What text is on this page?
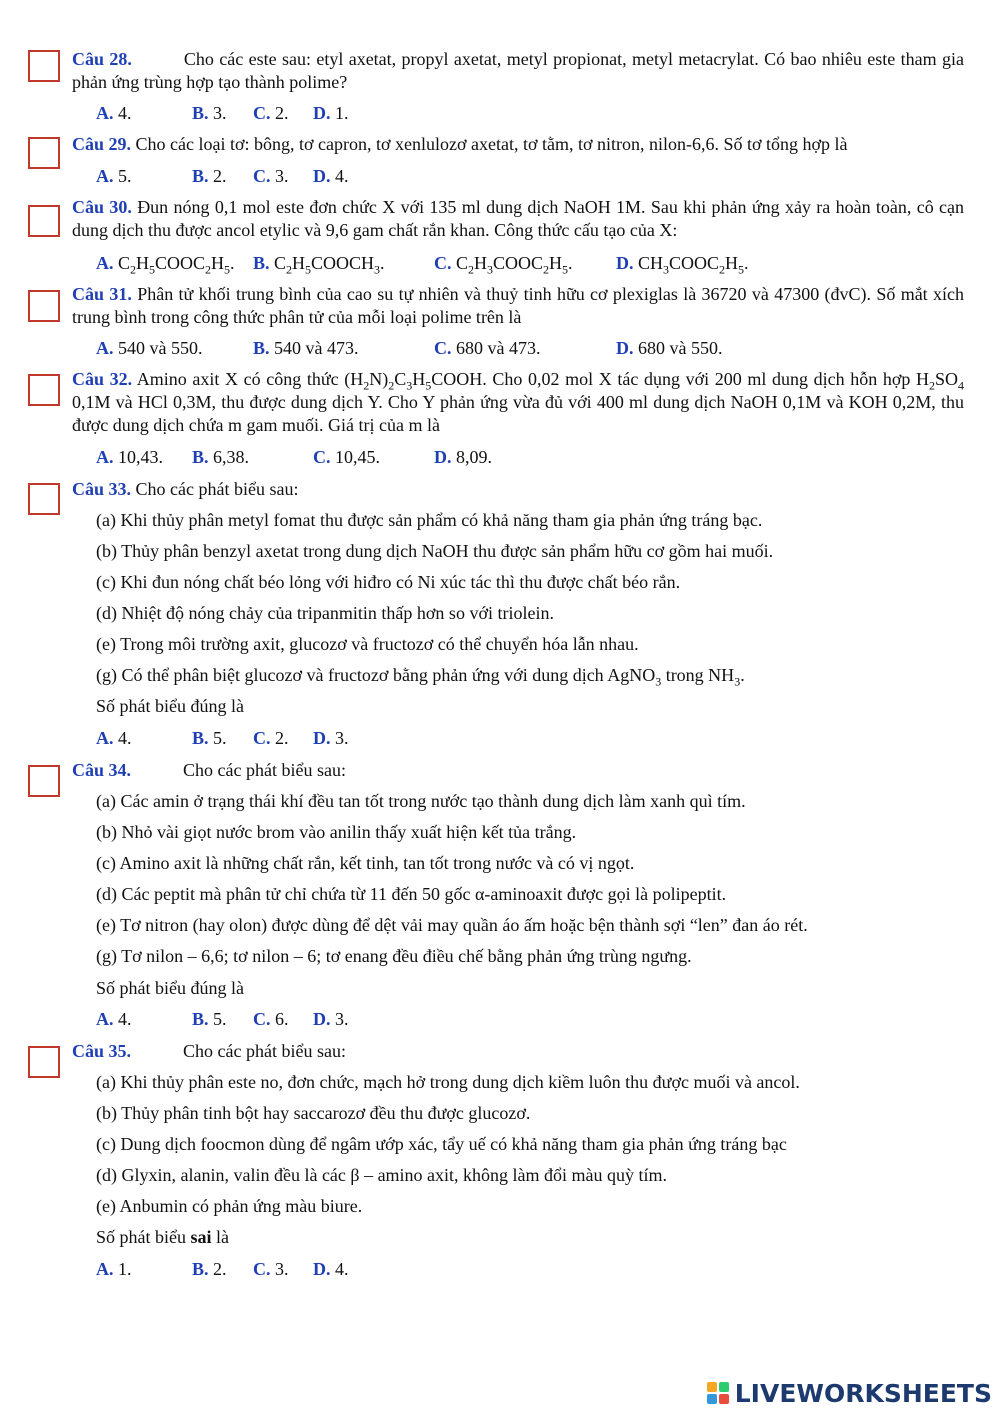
Câu 28.	Cho các este sau: etyl axetat, propyl axetat, metyl propionat, metyl metacrylat. Có bao nhiêu este tham gia phản ứng trùng hợp tạo thành polime?
A. 4.	B. 3. C. 2. D. 1.
Câu 29. Cho các loại tơ: bông, tơ capron, tơ xenlulozơ axetat, tơ tằm, tơ nitron, nilon-6,6. Số tơ tổng hợp là
A. 5.	B. 2. C. 3. D. 4.
Câu 30. Đun nóng 0,1 mol este đơn chức X với 135 ml dung dịch NaOH 1M. Sau khi phản ứng xảy ra hoàn toàn, cô cạn dung dịch thu được ancol etylic và 9,6 gam chất rắn khan. Công thức cấu tạo của X:
A. $C_2H_5COOC_2H_5$. B. $C_2H_5COOCH_3$.	C. $C_2H_3COOC_2H_5$. D. $CH_3COOC_2H_5$.
Câu 31. Phân tử khối trung bình của cao su tự nhiên và thuỷ tinh hữu cơ plexiglas là 36720 và 47300 (đvC). Số mắt xích trung bình trong công thức phân tử của mỗi loại polime trên là
A. 540 và 550.	B. 540 và 473.	C. 680 và 473.	D. 680 và 550.
Câu 32. Amino axit X có công thức $(H_2N)_2C_3H_5COOH$. Cho 0,02 mol X tác dụng với 200 ml dung dịch hỗn hợp $H_2SO_4$ 0,1M và HCl 0,3M, thu được dung dịch Y. Cho Y phản ứng vừa đủ với 400 ml dung dịch NaOH 0,1M và KOH 0,2M, thu được dung dịch chứa m gam muối. Giá trị của m là
A. 10,43. B. 6,38.	C. 10,45.	D. 8,09.
Câu 33. Cho các phát biểu sau:
(a) Khi thủy phân metyl fomat thu được sản phẩm có khả năng tham gia phản ứng tráng bạc.
(b) Thủy phân benzyl axetat trong dung dịch NaOH thu được sản phẩm hữu cơ gồm hai muối.
(c) Khi đun nóng chất béo lỏng với hiđro có Ni xúc tác thì thu được chất béo rắn.
(d) Nhiệt độ nóng chảy của tripanmitin thấp hơn so với triolein.
(e) Trong môi trường axit, glucozơ và fructozơ có thể chuyển hóa lẫn nhau.
(g) Có thể phân biệt glucozơ và fructozơ bằng phản ứng với dung dịch AgNO$_3$ trong $NH_3$.
Số phát biểu đúng là
A. 4.	B. 5. C. 2. D. 3.
Câu 34.	Cho các phát biểu sau:
(a) Các amin ở trạng thái khí đều tan tốt trong nước tạo thành dung dịch làm xanh quì tím.
(b) Nhỏ vài giọt nước brom vào anilin thấy xuất hiện kết tủa trắng.
(c) Amino axit là những chất rắn, kết tinh, tan tốt trong nước và có vị ngọt.
(d) Các peptit mà phân tử chỉ chứa từ 11 đến 50 gốc α-aminoaxit được gọi là polipeptit.
(e) Tơ nitron (hay olon) được dùng để dệt vải may quần áo ấm hoặc bện thành sợi “len” đan áo rét.
(g) Tơ nilon – 6,6; tơ nilon – 6; tơ enang đều điều chế bằng phản ứng trùng ngưng.
Số phát biểu đúng là
A. 4.	B. 5. C. 6. D. 3.
Câu 35.	Cho các phát biểu sau:
(a) Khi thủy phân este no, đơn chức, mạch hở trong dung dịch kiềm luôn thu được muối và ancol.
(b) Thủy phân tinh bột hay saccarozơ đều thu được glucozơ.
(c) Dung dịch foocmon dùng để ngâm ướp xác, tẩy uế có khả năng tham gia phản ứng tráng bạc
(d) Glyxin, alanin, valin đều là các β – amino axit, không làm đổi màu quỳ tím.
(e) Anbumin có phản ứng màu biure.
Số phát biểu sai là
A. 1.	B. 2. C. 3. D. 4.
LIVEWORKSHEETS
